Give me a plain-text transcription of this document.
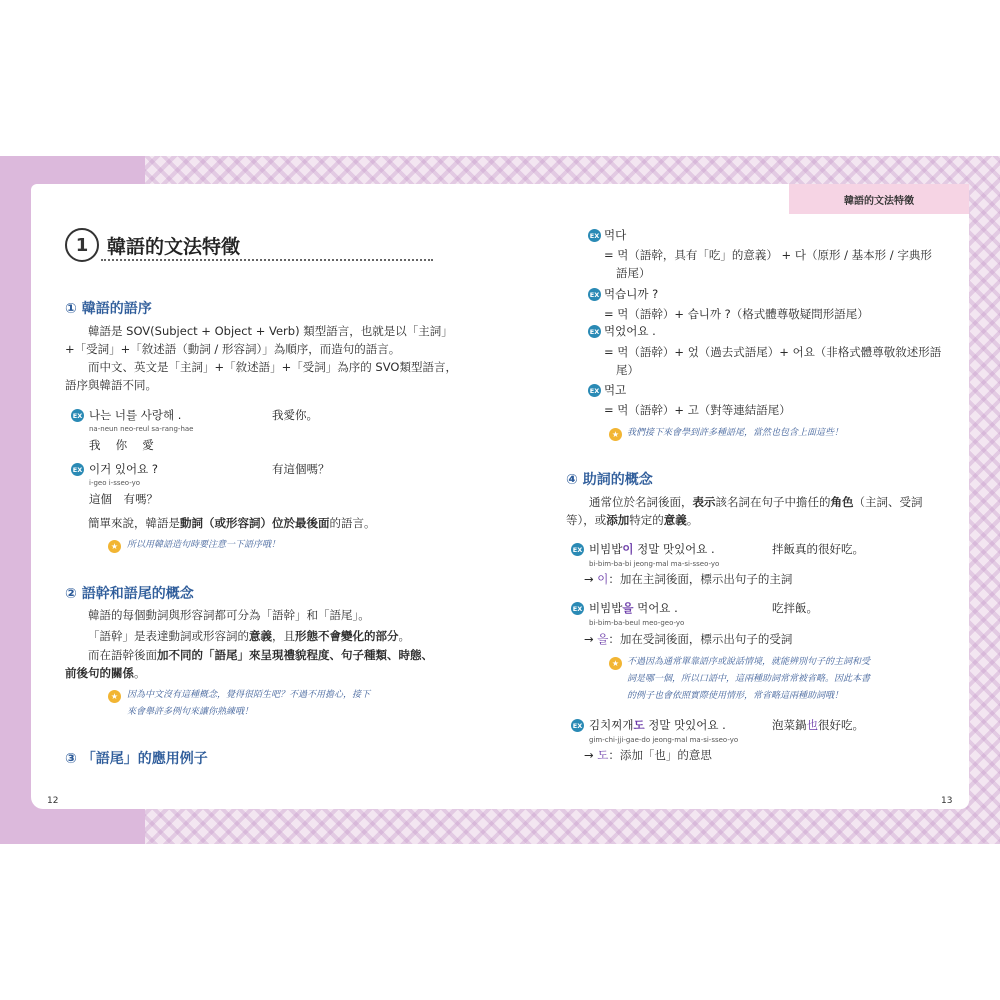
韓語的文法特徵
1 韓語的文法特徵
① 韓語的語序
韓語是 SOV(Subject + Object + Verb) 類型語言，也就是以「主詞」
+「受詞」+「敘述語（動詞 / 形容詞）」為順序，而造句的語言。
而中文、英文是「主詞」+「敘述語」+「受詞」為序的 SVO類型語言，
語序與韓語不同。
EX 나는 너를 사랑해 .	我愛你。
na-neun neo-reul sa-rang-hae
我　 你　 愛
EX 이거 있어요 ?	有這個嗎？
i-geo i-sseo-yo
這個　有嗎？
簡單來說，韓語是動詞（或形容詞）位於最後面的語言。
★ 所以用韓語造句時要注意一下語序哦！
② 語幹和語尾的概念
韓語的每個動詞與形容詞都可分為「語幹」和「語尾」。
「語幹」是表達動詞或形容詞的意義，且形態不會變化的部分。
而在語幹後面加不同的「語尾」來呈現禮貌程度、句子種類、時態、
前後句的關係。
★ 因為中文沒有這種概念，覺得很陌生吧？不過不用擔心，接下
來會舉許多例句來讓你熟練哦！
③ 「語尾」的應用例子
12
EX 먹다
= 먹（語幹，具有「吃」的意義） + 다（原形 / 基本形 / 字典形
語尾）
EX 먹습니까 ?
= 먹（語幹）+ 습니까 ?（格式體尊敬疑問形語尾）
EX 먹었어요 .
= 먹（語幹）+ 었（過去式語尾）+ 어요（非格式體尊敬敘述形語
尾）
EX 먹고
= 먹（語幹）+ 고（對等連結語尾）
★ 我們接下來會學到許多種語尾，當然也包含上面這些！
④ 助詞的概念
通常位於名詞後面，表示該名詞在句子中擔任的角色（主詞、受詞
等），或添加特定的意義。
EX 비빔밥이 정말 맛있어요 .	拌飯真的很好吃。
bi-bim-ba-bi jeong-mal ma-si-sseo-yo
→ 이：加在主詞後面，標示出句子的主詞
EX 비빔밥을 먹어요 .	吃拌飯。
bi-bim-ba-beul meo-geo-yo
→ 을：加在受詞後面，標示出句子的受詞
★ 不過因為通常單靠語序或說話情境，就能辨別句子的主詞和受
詞是哪一個，所以口語中，這兩種助詞常常被省略。因此本書
的例子也會依照實際使用情形，常省略這兩種助詞哦！
EX 김치찌개도 정말 맛있어요 .	泡菜鍋也很好吃。
gim-chi-jji-gae-do jeong-mal ma-si-sseo-yo
→ 도：添加「也」的意思
13
